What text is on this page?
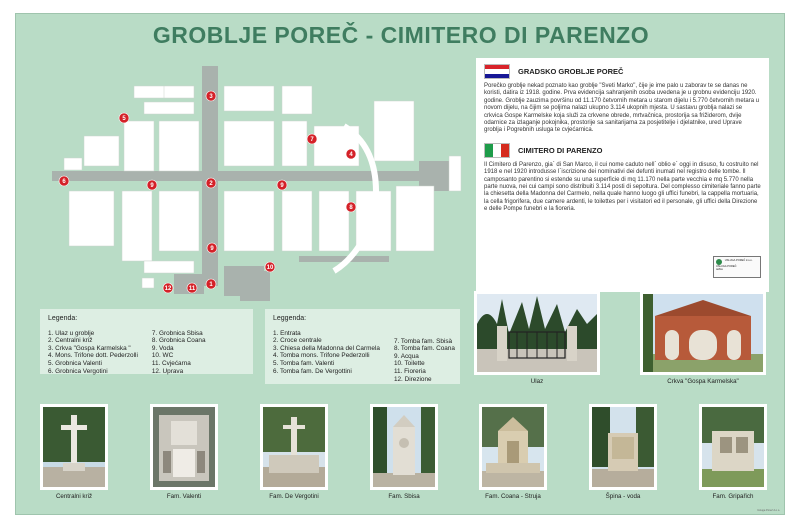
GROBLJE POREČ - CIMITERO DI PARENZO
1
2
3
4
5
6
7
8
9	9
9
10
11
12
GRADSKO GROBLJE POREČ
Porečko groblje nekad poznato kao groblje "Sveti Marko", čije je ime palo u zaborav te se danas ne koristi, datira iz 1918. godine. Prva evidencija sahranjenih osoba uvedena je u grobnu evidenciju 1920. godine. Groblje zauzima površinu od 11.170 četvornih metara u starom dijelu i 5.770 četvornih metara u novom dijelu, na čijim se poljima nalazi ukupno 3.114 ukopnih mjesta. U sastavu groblja nalazi se crkvica Gospe Karmelske koja služi za crkvene obrede, mrtvačnica, prostorija sa frižiderom, dvije odarnice za izlaganje pokojnika, prostorije sa sanitarijama za posjetitelje i djelatnike, ured Uprave groblja i Pogrebnih usluga te cvjećarnica.
CIMITERO DI PARENZO
Il Cimitero di Parenzo, gia` di San Marco, il cui nome caduto nell` oblio e` oggi in disuso, fu costruito nel 1918 e nel 1920 introdusse l`iscrizione dei nominativi dei defunti inumati nel registro delle tombe. Il camposanto parentino si estende su una superficie di mq 11.170 nella parte vecchia e mq 5.770 nella parte nuova, nei cui campi sono distribuiti 3.114 posti di sepoltura. Del complesso cimiteriale fanno parte la chiesetta della Madonna del Carmelo, nella quale hanno luogo gli uffici funebri, la cappella mortuaria, la cella frigorifera, due camere ardenti, le toilettes per i visitatori ed il personale, gli uffici della Direzione e delle Pompe funebri e la fioreria.
USLUGA POREČ d.o.o.
USLUGA POREČ
tel/fax
Legenda:
1. Ulaz u groblje
2. Centralni križ
3. Crkva "Gospa Karmelska "
4. Mons. Trifone dott. Pederzolli
5. Grobnica Valenti
6. Grobnica Vergotini
7. Grobnica Sbisa
8. Grobnica Coana
9. Voda
10. WC
11. Cvjećarna
12. Uprava
Leggenda:
1. Entrata
2. Croce centrale
3. Chiesa della Madonna del Carmela
4. Tomba mons. Trifone Pederzolli
5. Tomba fam. Valenti
6. Tomba fam. De Vergottini
7. Tomba fam. Sbisà
8. Tomba fam. Coana
9. Acqua
10. Toilette
11. Fioreria
12. Direzione	Ulaz	Crkva "Gospa Karmelska"
Centralni križ	Fam. Valenti	Fam. De Vergotini	Fam. Sbisa	Fam. Coana - Struja	Špina - voda	Fam. Gripařich
Usluga Poreč d.o.o.
